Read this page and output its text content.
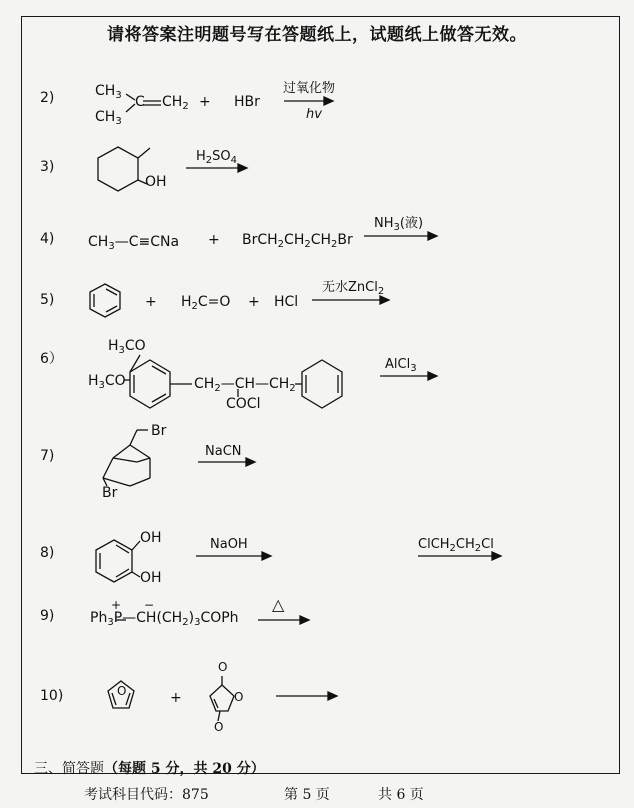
请将答案注明题号写在答题纸上，试题纸上做答无效。
2)	$CH_3$
$CH_3$
C $CH_2$ + HBr
过氧化物
hv
3)
OH
$H_2SO_4$
4) $CH_3—C\equiv CNa$ + $BrCH_2CH_2CH_2Br$
$NH_3$(液)
5)	+ $H_2C=O$ + HCl
无水ZnCl$_2$
6）
$H_3CO$
$H_3CO$	$CH_2—CH—CH_2$
COCl
AlCl$_3$
7)
Br
Br
NaCN
8)
OH
OH
NaOH	$ClCH_2CH_2Cl$
9)	$Ph_3P—CH(CH_2)_3COPh$
+ −	△
10)	O	+
O
O
O
三、简答题（每题 5 分，共 20 分）
考试科目代码：875	第 5 页	共 6 页
